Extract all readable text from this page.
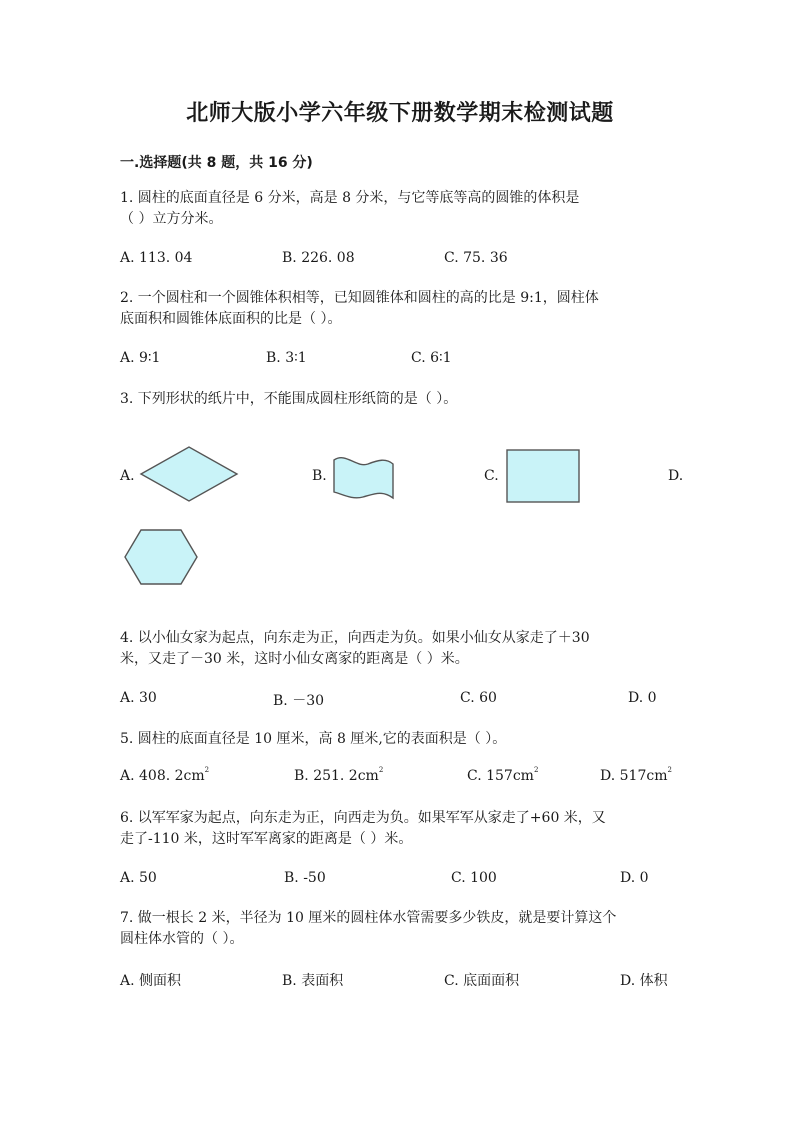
北师大版小学六年级下册数学期末检测试题
一.选择题(共 8 题，共 16 分)
1. 圆柱的底面直径是 6 分米，高是 8 分米，与它等底等高的圆锥的体积是
（ ）立方分米。
A. 113. 04	B. 226. 08	C. 75. 36
2. 一个圆柱和一个圆锥体积相等，已知圆锥体和圆柱的高的比是 9:1，圆柱体
底面积和圆锥体底面积的比是（ ）。
A. 9∶1	B. 3∶1	C. 6∶1
3. 下列形状的纸片中，不能围成圆柱形纸筒的是（ ）。
A.	B.	C.	D.
4. 以小仙女家为起点，向东走为正，向西走为负。如果小仙女从家走了＋30
米，又走了－30 米，这时小仙女离家的距离是（ ）米。
A. 30	B. －30	C. 60	D. 0
5. 圆柱的底面直径是 10 厘米，高 8 厘米,它的表面积是（ ）。
A. 408. $2cm^2$	B. 251. $2cm^2$	C. $157cm^2$	D. $517cm^2$
6. 以军军家为起点，向东走为正，向西走为负。如果军军从家走了+60 米，又
走了-110 米，这时军军离家的距离是（ ）米。
A. 50	B. -50	C. 100	D. 0
7. 做一根长 2 米，半径为 10 厘米的圆柱体水管需要多少铁皮，就是要计算这个
圆柱体水管的（ ）。
A. 侧面积	B. 表面积	C. 底面面积	D. 体积
